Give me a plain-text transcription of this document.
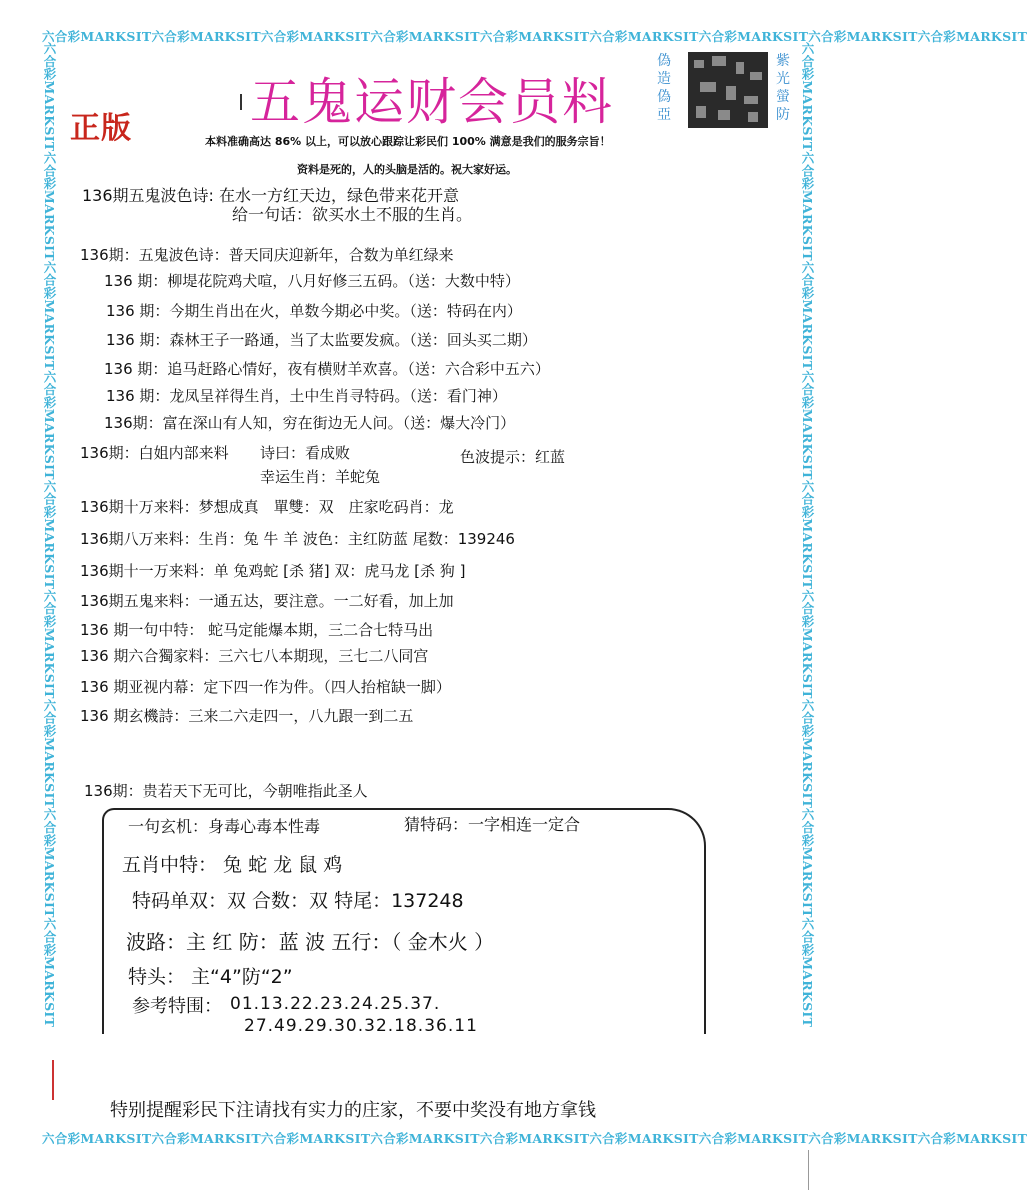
六合彩MARKSIT六合彩MARKSIT六合彩MARKSIT六合彩MARKSIT六合彩MARKSIT六合彩MARKSIT六合彩MARKSIT六合彩MARKSIT六合彩MARKSIT
六合彩MARKSIT六合彩MARKSIT六合彩MARKSIT六合彩MARKSIT六合彩MARKSIT六合彩MARKSIT六合彩MARKSIT六合彩MARKSIT六合彩MARKSIT
六合彩MARKSIT六合彩MARKSIT六合彩MARKSIT六合彩MARKSIT六合彩MARKSIT六合彩MARKSIT六合彩MARKSIT六合彩MARKSIT六合彩MARKSIT	六合彩MARKSIT六合彩MARKSIT六合彩MARKSIT六合彩MARKSIT六合彩MARKSIT六合彩MARKSIT六合彩MARKSIT六合彩MARKSIT六合彩MARKSIT
正版 五鬼运财会员料
本料准确高达 86% 以上，可以放心跟踪让彩民们 100% 满意是我们的服务宗旨！
资料是死的，人的头脑是活的。祝大家好运。
偽造偽亞
紫光螢防
136期五鬼波色诗: 在水一方红天边，绿色带来花开意
给一句话：欲买水土不服的生肖。
136期：五鬼波色诗：普天同庆迎新年，合数为单红绿来
136 期：柳堤花院鸡犬喧，八月好修三五码。（送：大数中特）
136 期：今期生肖出在火，单数今期必中奖。（送：特码在内）
136 期：森林王子一路通，当了太监要发疯。（送：回头买二期）
136 期：追马赶路心情好，夜有横财羊欢喜。（送：六合彩中五六）
136 期：龙凤呈祥得生肖，土中生肖寻特码。（送：看门神）
136期：富在深山有人知，穷在街边无人问。（送：爆大冷门）
136期：白姐内部来料 诗曰：看成败	色波提示：红蓝
幸运生肖：羊蛇兔
136期十万来料：梦想成真　單雙：双　庄家吃码肖：龙
136期八万来料：生肖：兔 牛 羊 波色：主红防蓝 尾数：139246
136期十一万来料：单 兔鸡蛇 [杀 猪] 双：虎马龙 [杀 狗 ]
136期五鬼来料：一通五达，要注意。一二好看，加上加
136 期一句中特： 蛇马定能爆本期，三二合七特马出
136 期六合獨家料：三六七八本期现，三七二八同宫
136 期亚视内幕：定下四一作为件。（四人抬棺缺一脚）
136 期玄機詩：三来二六走四一，八九跟一到二五
136期：贵若天下无可比，今朝唯指此圣人
一句玄机：身毒心毒本性毒	猜特码：一字相连一定合
五肖中特： 兔 蛇 龙 鼠 鸡
特码单双：双 合数：双 特尾：137248
波路：主 红 防：蓝 波 五行：（ 金木火 ）
特头： 主“4”防“2”
参考特围： 01.13.22.23.24.25.37.
27.49.29.30.32.18.36.11
特别提醒彩民下注请找有实力的庄家，不要中奖没有地方拿钱
